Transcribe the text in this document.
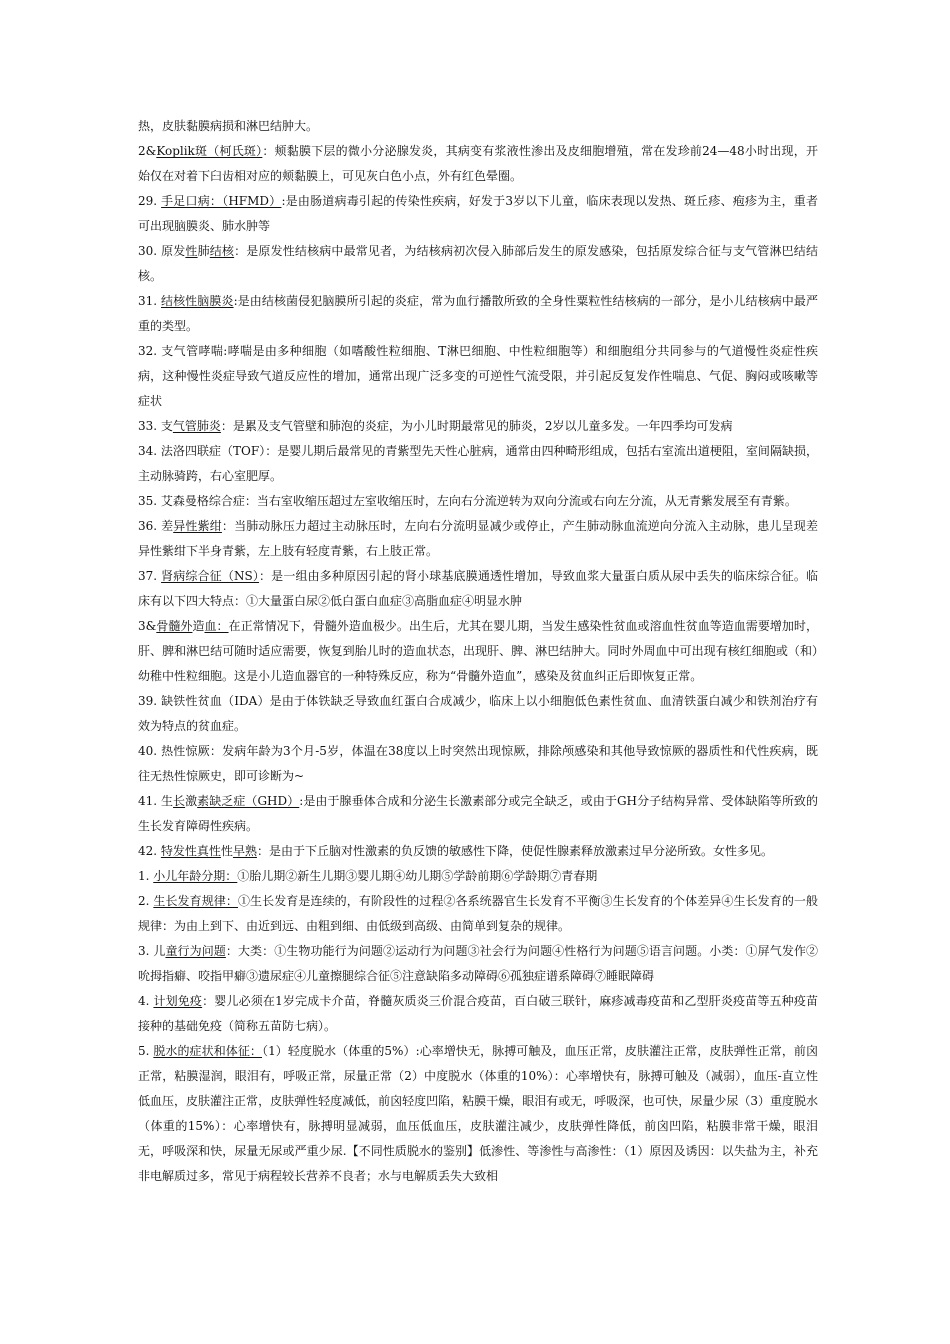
热，皮肤黏膜病损和淋巴结肿大。

2&Koplik斑（柯氏斑）：颊黏膜下层的微小分泌腺发炎，其病变有浆液性渗出及皮细胞增殖，常在发珍前24—48小时出现，开始仅在对着下臼齿相对应的颊黏膜上，可见灰白色小点，外有红色晕圈。

29. 手足口病：（HFMD）:是由肠道病毒引起的传染性疾病，好发于3岁以下儿童，临床表现以发热、斑丘疹、疱疹为主，重者可出现脑膜炎、肺水肿等

30. 原发性肺结核：是原发性结核病中最常见者，为结核病初次侵入肺部后发生的原发感染，包括原发综合征与支气管淋巴结结核。

31. 结核性脑膜炎:是由结核菌侵犯脑膜所引起的炎症，常为血行播散所致的全身性粟粒性结核病的一部分，是小儿结核病中最严重的类型。

32. 支气管哮喘:哮喘是由多种细胞（如嗜酸性粒细胞、T淋巴细胞、中性粒细胞等）和细胞组分共同参与的气道慢性炎症性疾病，这种慢性炎症导致气道反应性的增加，通常出现广泛多变的可逆性气流受限，并引起反复发作性喘息、气促、胸闷或咳嗽等症状

33. 支气管肺炎：是累及支气管壁和肺泡的炎症，为小儿时期最常见的肺炎，2岁以儿童多发。一年四季均可发病

34. 法洛四联症（TOF）：是婴儿期后最常见的青紫型先天性心脏病，通常由四种畸形组成，包括右室流出道梗阻，室间隔缺损，主动脉骑跨，右心室肥厚。

35. 艾森曼格综合症：当右室收缩压超过左室收缩压时，左向右分流逆转为双向分流或右向左分流，从无青紫发展至有青紫。

36. 差异性紫绀：当肺动脉压力超过主动脉压时，左向右分流明显减少或停止，产生肺动脉血流逆向分流入主动脉，患儿呈现差异性紫绀下半身青紫，左上肢有轻度青紫，右上肢正常。

37. 肾病综合征（NS）：是一组由多种原因引起的肾小球基底膜通透性增加，导致血浆大量蛋白质从尿中丢失的临床综合征。临床有以下四大特点：①大量蛋白尿②低白蛋白血症③高脂血症④明显水肿

3&骨髓外造血：在正常情况下，骨髓外造血极少。出生后，尤其在婴儿期，当发生感染性贫血或溶血性贫血等造血需要增加时，肝、脾和淋巴结可随时适应需要，恢复到胎儿时的造血状态，出现肝、脾、淋巴结肿大。同时外周血中可出现有核红细胞或（和）幼稚中性粒细胞。这是小儿造血器官的一种特殊反应，称为“骨髓外造血”，感染及贫血纠正后即恢复正常。

39. 缺铁性贫血（IDA）是由于体铁缺乏导致血红蛋白合成减少，临床上以小细胞低色素性贫血、血清铁蛋白减少和铁剂治疗有效为特点的贫血症。

40. 热性惊厥：发病年龄为3个月-5岁，体温在38度以上时突然出现惊厥，排除颅感染和其他导致惊厥的器质性和代性疾病，既往无热性惊厥史，即可诊断为~

41. 生长激素缺乏症（GHD）:是由于腺垂体合成和分泌生长激素部分或完全缺乏，或由于GH分子结构异常、受体缺陷等所致的生长发育障碍性疾病。

42. 特发性真性性早熟：是由于下丘脑对性激素的负反馈的敏感性下降，使促性腺素释放激素过早分泌所致。女性多见。

1. 小儿年龄分期：①胎儿期②新生儿期③婴儿期④幼儿期⑤学龄前期⑥学龄期⑦青春期

2. 生长发育规律：①生长发育是连续的，有阶段性的过程②各系统器官生长发育不平衡③生长发育的个体差异④生长发育的一般规律：为由上到下、由近到远、由粗到细、由低级到高级、由简单到复杂的规律。

3. 儿童行为问题：大类：①生物功能行为问题②运动行为问题③社会行为问题④性格行为问题⑤语言问题。小类：①屏气发作②吮拇指癖、咬指甲癖③遗尿症④儿童擦腿综合征⑤注意缺陷多动障碍⑥孤独症谱系障碍⑦睡眠障碍

4. 计划免疫：婴儿必须在1岁完成卡介苗，脊髓灰质炎三价混合疫苗，百白破三联针，麻疹减毒疫苗和乙型肝炎疫苗等五种疫苗接种的基础免疫（简称五苗防七病）。

5. 脱水的症状和体征：（1）轻度脱水（体重的5%）:心率增快无，脉搏可触及，血压正常，皮肤灌注正常，皮肤弹性正常，前囟正常，粘膜湿润，眼泪有，呼吸正常，尿量正常（2）中度脱水（体重的10%）：心率增快有，脉搏可触及（减弱），血压-直立性低血压，皮肤灌注正常，皮肤弹性轻度减低，前囟轻度凹陷，粘膜干燥，眼泪有或无，呼吸深，也可快，尿量少尿（3）重度脱水（体重的15%）：心率增快有，脉搏明显减弱，血压低血压，皮肤灌注减少，皮肤弹性降低，前囟凹陷，粘膜非常干燥，眼泪无，呼吸深和快，尿量无尿或严重少尿.【不同性质脱水的鉴别】低渗性、等渗性与高渗性：（1）原因及诱因：以失盐为主，补充非电解质过多，常见于病程较长营养不良者；水与电解质丢失大致相
